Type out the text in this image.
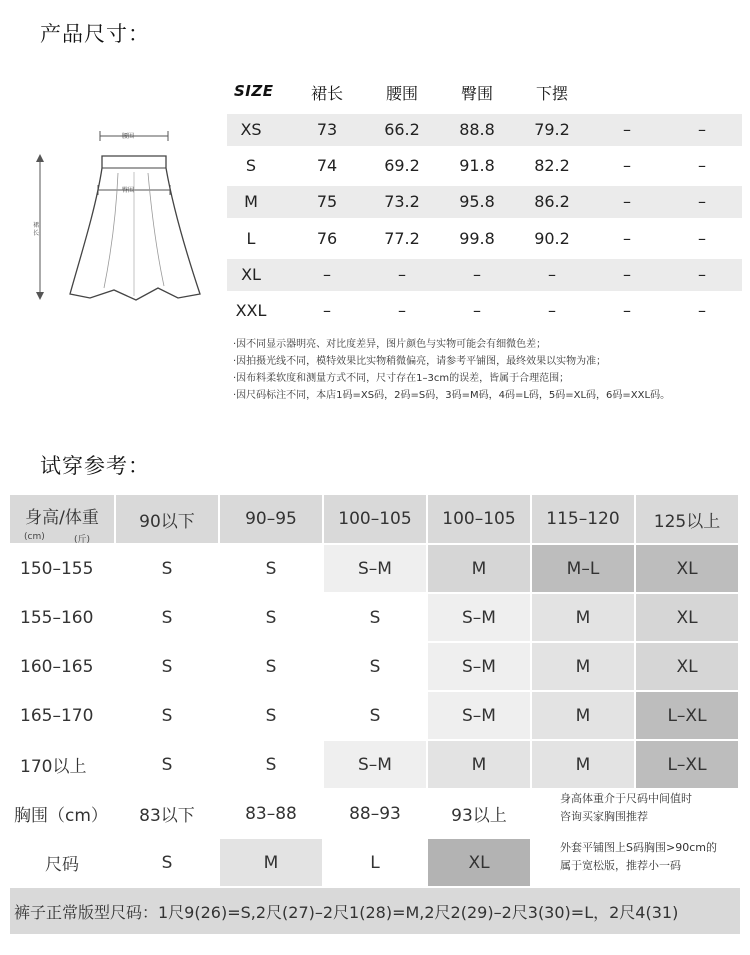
产品尺寸：
腰围
臀围
裙长
SIZE 裙长	腰围	臀围	下摆
XS	73	66.2	88.8	79.2	–	–
S	74	69.2	91.8	82.2	–	–
M	75	73.2	95.8	86.2	–	–
L	76	77.2	99.8	90.2	–	–
XL	–	–	–	–	–	–
XXL	–	–	–	–	–	–
·因不同显示器明亮、对比度差异，图片颜色与实物可能会有细微色差；
·因拍摄光线不同，模特效果比实物稍微偏亮，请参考平铺图，最终效果以实物为准；
·因布料柔软度和测量方式不同，尺寸存在1–3cm的误差，皆属于合理范围；
·因尺码标注不同，本店1码=XS码，2码=S码，3码=M码，4码=L码，5码=XL码，6码=XXL码。
试穿参考：
身高/体重
(cm)	(斤)
90以下	90–95	100–105	100–105	115–120	125以上
150–155	S	S	S–M	M	M–L	XL
155–160	S	S	S	S–M	M	XL
160–165	S	S	S	S–M	M	XL
165–170	S	S	S	S–M	M	L–XL
170以上	S	S	S–M	M	M	L–XL
胸围（cm）	83以下	83–88	88–93	93以上
身高体重介于尺码中间值时
咨询买家胸围推荐
尺码	S	M	L	XL
外套平铺图上S码胸围>90cm的
属于宽松版，推荐小一码
裤子正常版型尺码：1尺9(26)=S,2尺(27)–2尺1(28)=M,2尺2(29)–2尺3(30)=L，2尺4(31)
